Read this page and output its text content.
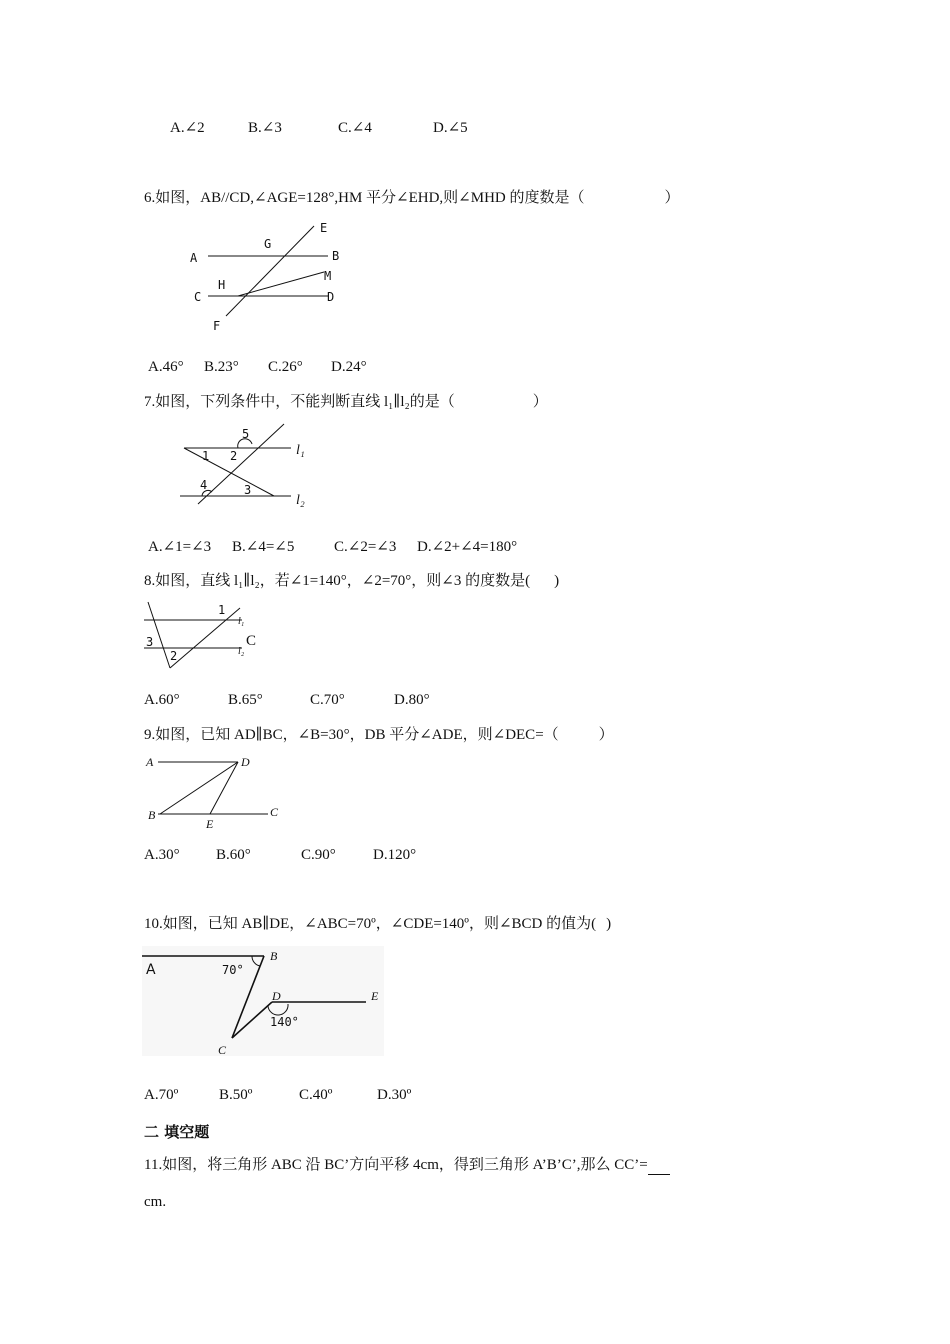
A.∠2	B.∠3	C.∠4	D.∠5
6.如图，AB//CD,∠AGE=128°,HM 平分∠EHD,则∠MHD 的度数是（	）
A	B
C	D
E
F
G
H
M
A.46° B.23° C.26° D.24°
7.如图，下列条件中，不能判断直线 l₁∥l₂的是（	）
1 2
3
4
5
l₁
l₂
A.∠1=∠3 B.∠4=∠5	C.∠2=∠3 D.∠2+∠4=180°
8.如图，直线 l₁∥l₂，若∠1=140°，∠2=70°，则∠3 的度数是( )
1
2
3
l₁
l₂
C
A.60°	B.65°	C.70°	D.80°
9.如图，已知 AD∥BC，∠B=30°，DB 平分∠ADE，则∠DEC=（	）
A
B	C
D
E
A.30° B.60°	C.90° D.120°
10.如图，已知 AB∥DE，∠ABC=70º，∠CDE=140º，则∠BCD 的值为( )
A
B
C
D	E
70°
140°
A.70º	B.50º	C.40º	D.30º
二 填空题
11.如图，将三角形 ABC 沿 BC’方向平移 4cm，得到三角形 A’B’C’,那么 CC’=
cm.
